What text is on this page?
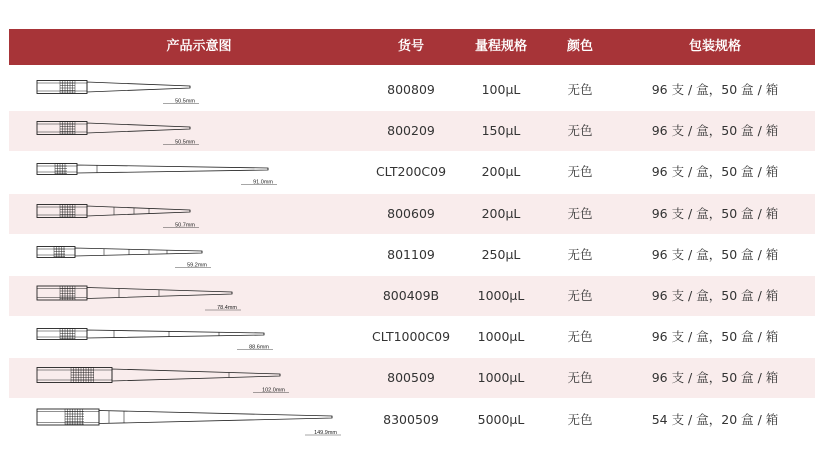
产品示意图	货号	量程规格	颜色	包装规格
50.5mm
800809	100μL	无色	96 支 / 盒，50 盒 / 箱
50.5mm
800209	150μL	无色	96 支 / 盒，50 盒 / 箱
91.0mm
CLT200C09	200μL	无色	96 支 / 盒，50 盒 / 箱
50.7mm
800609	200μL	无色	96 支 / 盒，50 盒 / 箱
59.2mm
801109	250μL	无色	96 支 / 盒，50 盒 / 箱
78.4mm
800409B	1000μL	无色	96 支 / 盒，50 盒 / 箱
88.6mm
CLT1000C09	1000μL	无色	96 支 / 盒，50 盒 / 箱
102.0mm
800509	1000μL	无色	96 支 / 盒，50 盒 / 箱
149.9mm
8300509	5000μL	无色	54 支 / 盒，20 盒 / 箱
